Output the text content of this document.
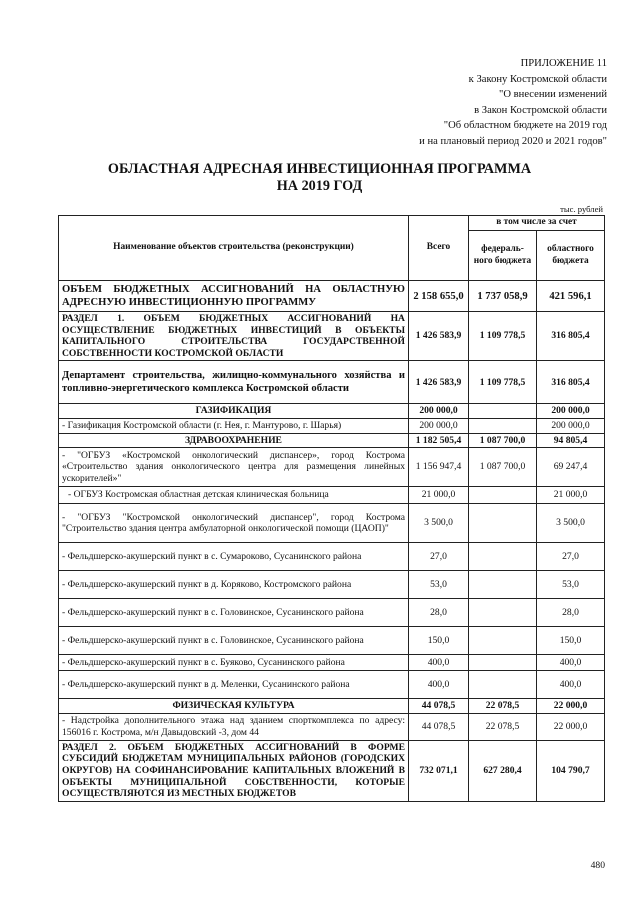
ПРИЛОЖЕНИЕ 11
к Закону Костромской области
"О внесении изменений
в Закон Костромской области
"Об областном бюджете на 2019 год
и на плановый период 2020 и 2021 годов"
ОБЛАСТНАЯ АДРЕСНАЯ ИНВЕСТИЦИОННАЯ ПРОГРАММА
НА 2019 ГОД
тыс. рублей
Наименование объектов строительства (реконструкции)	Всего	в том числе за счет	
		федераль-ного бюджета	областного бюджета
ОБЪЕМ БЮДЖЕТНЫХ АССИГНОВАНИЙ НА ОБЛАСТНУЮ АДРЕСНУЮ ИНВЕСТИЦИОННУЮ ПРОГРАММУ	2 158 655,0	1 737 058,9	421 596,1
РАЗДЕЛ 1. ОБЪЕМ БЮДЖЕТНЫХ АССИГНОВАНИЙ НА ОСУЩЕСТВЛЕНИЕ БЮДЖЕТНЫХ ИНВЕСТИЦИЙ В ОБЪЕКТЫ КАПИТАЛЬНОГО СТРОИТЕЛЬСТВА ГОСУДАРСТВЕННОЙ СОБСТВЕННОСТИ КОСТРОМСКОЙ ОБЛАСТИ	1 426 583,9	1 109 778,5	316 805,4
Департамент строительства, жилищно-коммунального хозяйства и топливно-энергетического комплекса Костромской области	1 426 583,9	1 109 778,5	316 805,4
ГАЗИФИКАЦИЯ	200 000,0		200 000,0
- Газификация Костромской области (г. Нея, г. Мантурово, г. Шарья)	200 000,0		200 000,0
ЗДРАВООХРАНЕНИЕ	1 182 505,4	1 087 700,0	94 805,4
- "ОГБУЗ «Костромской онкологический диспансер», город Кострома «Строительство здания онкологического центра для размещения линейных ускорителей»"	1 156 947,4	1 087 700,0	69 247,4
- ОГБУЗ Костромская областная детская клиническая больница	21 000,0		21 000,0
- "ОГБУЗ "Костромской онкологический диспансер", город Кострома "Строительство здания центра амбулаторной онкологической помощи (ЦАОП)"	3 500,0		3 500,0
- Фельдшерско-акушерский пункт в с. Сумароково, Сусанинского района	27,0		27,0
- Фельдшерско-акушерский пункт в д. Коряково, Костромского района	53,0		53,0
- Фельдшерско-акушерский пункт в с. Головинское, Сусанинского района	28,0		28,0
- Фельдшерско-акушерский пункт в с. Головинское, Сусанинского района	150,0		150,0
- Фельдшерско-акушерский пункт в с. Буяково, Сусанинского района	400,0		400,0
- Фельдшерско-акушерский пункт в д. Меленки, Сусанинского района	400,0		400,0
ФИЗИЧЕСКАЯ КУЛЬТУРА	44 078,5	22 078,5	22 000,0
- Надстройка дополнительного этажа над зданием спорткомплекса по адресу: 156016 г. Кострома, м/н Давыдовский -3, дом 44	44 078,5	22 078,5	22 000,0
РАЗДЕЛ 2. ОБЪЕМ БЮДЖЕТНЫХ АССИГНОВАНИЙ В ФОРМЕ СУБСИДИЙ БЮДЖЕТАМ МУНИЦИПАЛЬНЫХ РАЙОНОВ (ГОРОДСКИХ ОКРУГОВ) НА СОФИНАНСИРОВАНИЕ КАПИТАЛЬНЫХ ВЛОЖЕНИЙ В ОБЪЕКТЫ МУНИЦИПАЛЬНОЙ СОБСТВЕННОСТИ, КОТОРЫЕ ОСУЩЕСТВЛЯЮТСЯ ИЗ МЕСТНЫХ БЮДЖЕТОВ	732 071,1	627 280,4	104 790,7
480
